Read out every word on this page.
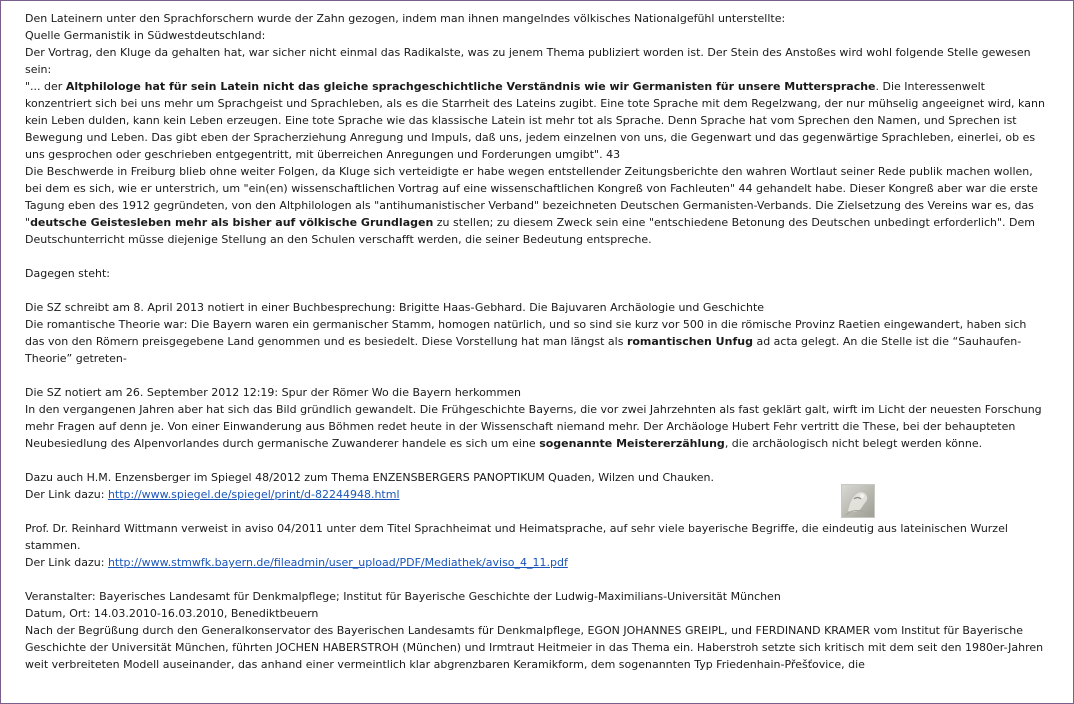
Den Lateinern unter den Sprachforschern wurde der Zahn gezogen, indem man ihnen mangelndes völkisches Nationalgefühl unterstellte:

Quelle Germanistik in Südwestdeutschland:

Der Vortrag, den Kluge da gehalten hat, war sicher nicht einmal das Radikalste, was zu jenem Thema publiziert worden ist. Der Stein des Anstoßes wird wohl folgende Stelle gewesen sein:

"... der Altphilologe hat für sein Latein nicht das gleiche sprachgeschichtliche Verständnis wie wir Germanisten für unsere Muttersprache. Die Interessenwelt konzentriert sich bei uns mehr um Sprachgeist und Sprachleben, als es die Starrheit des Lateins zugibt. Eine tote Sprache mit dem Regelzwang, der nur mühselig angeeignet wird, kann kein Leben dulden, kann kein Leben erzeugen. Eine tote Sprache wie das klassische Latein ist mehr tot als Sprache. Denn Sprache hat vom Sprechen den Namen, und Sprechen ist Bewegung und Leben. Das gibt eben der Spracherziehung Anregung und Impuls, daß uns, jedem einzelnen von uns, die Gegenwart und das gegenwärtige Sprachleben, einerlei, ob es uns gesprochen oder geschrieben entgegentritt, mit überreichen Anregungen und Forderungen umgibt". 43

Die Beschwerde in Freiburg blieb ohne weiter Folgen, da Kluge sich verteidigte er habe wegen entstellender Zeitungsberichte den wahren Wortlaut seiner Rede publik machen wollen, bei dem es sich, wie er unterstrich, um "ein(en) wissenschaftlichen Vortrag auf eine wissenschaftlichen Kongreß von Fachleuten" 44 gehandelt habe. Dieser Kongreß aber war die erste Tagung eben des 1912 gegründeten, von den Altphilologen als "antihumanistischer Verband" bezeichneten Deutschen Germanisten-Verbands. Die Zielsetzung des Vereins war es, das "deutsche Geistesleben mehr als bisher auf völkische Grundlagen zu stellen; zu diesem Zweck sein eine "entschiedene Betonung des Deutschen unbedingt erforderlich". Dem Deutschunterricht müsse diejenige Stellung an den Schulen verschafft werden, die seiner Bedeutung entspreche.

Dagegen steht:

Die SZ schreibt am 8. April 2013 notiert in einer Buchbesprechung: Brigitte Haas-Gebhard. Die Bajuvaren Archäologie und Geschichte

Die romantische Theorie war: Die Bayern waren ein germanischer Stamm, homogen natürlich, und so sind sie kurz vor 500 in die römische Provinz Raetien eingewandert, haben sich das von den Römern preisgegebene Land genommen und es besiedelt. Diese Vorstellung hat man längst als romantischen Unfug ad acta gelegt. An die Stelle ist die “Sauhaufen-Theorie” getreten-

Die SZ notiert am 26. September 2012 12:19: Spur der Römer Wo die Bayern herkommen

In den vergangenen Jahren aber hat sich das Bild gründlich gewandelt. Die Frühgeschichte Bayerns, die vor zwei Jahrzehnten als fast geklärt galt, wirft im Licht der neuesten Forschung mehr Fragen auf denn je. Von einer Einwanderung aus Böhmen redet heute in der Wissenschaft niemand mehr. Der Archäologe Hubert Fehr vertritt die These, bei der behaupteten Neubesiedlung des Alpenvorlandes durch germanische Zuwanderer handele es sich um eine sogenannte Meistererzählung, die archäologisch nicht belegt werden könne.

Dazu auch H.M. Enzensberger im Spiegel 48/2012 zum Thema ENZENSBERGERS PANOPTIKUM Quaden, Wilzen und Chauken.

Der Link dazu: http://www.spiegel.de/spiegel/print/d-82244948.html

Prof. Dr. Reinhard Wittmann verweist in aviso 04/2011 unter dem Titel Sprachheimat und Heimatsprache, auf sehr viele bayerische Begriffe, die eindeutig aus lateinischen Wurzel stammen.

Der Link dazu: http://www.stmwfk.bayern.de/fileadmin/user_upload/PDF/Mediathek/aviso_4_11.pdf

Veranstalter: Bayerisches Landesamt für Denkmalpflege; Institut für Bayerische Geschichte der Ludwig-Maximilians-Universität München

Datum, Ort: 14.03.2010-16.03.2010, Benediktbeuern

Nach der Begrüßung durch den Generalkonservator des Bayerischen Landesamts für Denkmalpflege, EGON JOHANNES GREIPL, und FERDINAND KRAMER vom Institut für Bayerische Geschichte der Universität München, führten JOCHEN HABERSTROH (München) und Irmtraut Heitmeier in das Thema ein. Haberstroh setzte sich kritisch mit dem seit den 1980er-Jahren weit verbreiteten Modell auseinander, das anhand einer vermeintlich klar abgrenzbaren Keramikform, dem sogenannten Typ Friedenhain-Přešťovice, die
